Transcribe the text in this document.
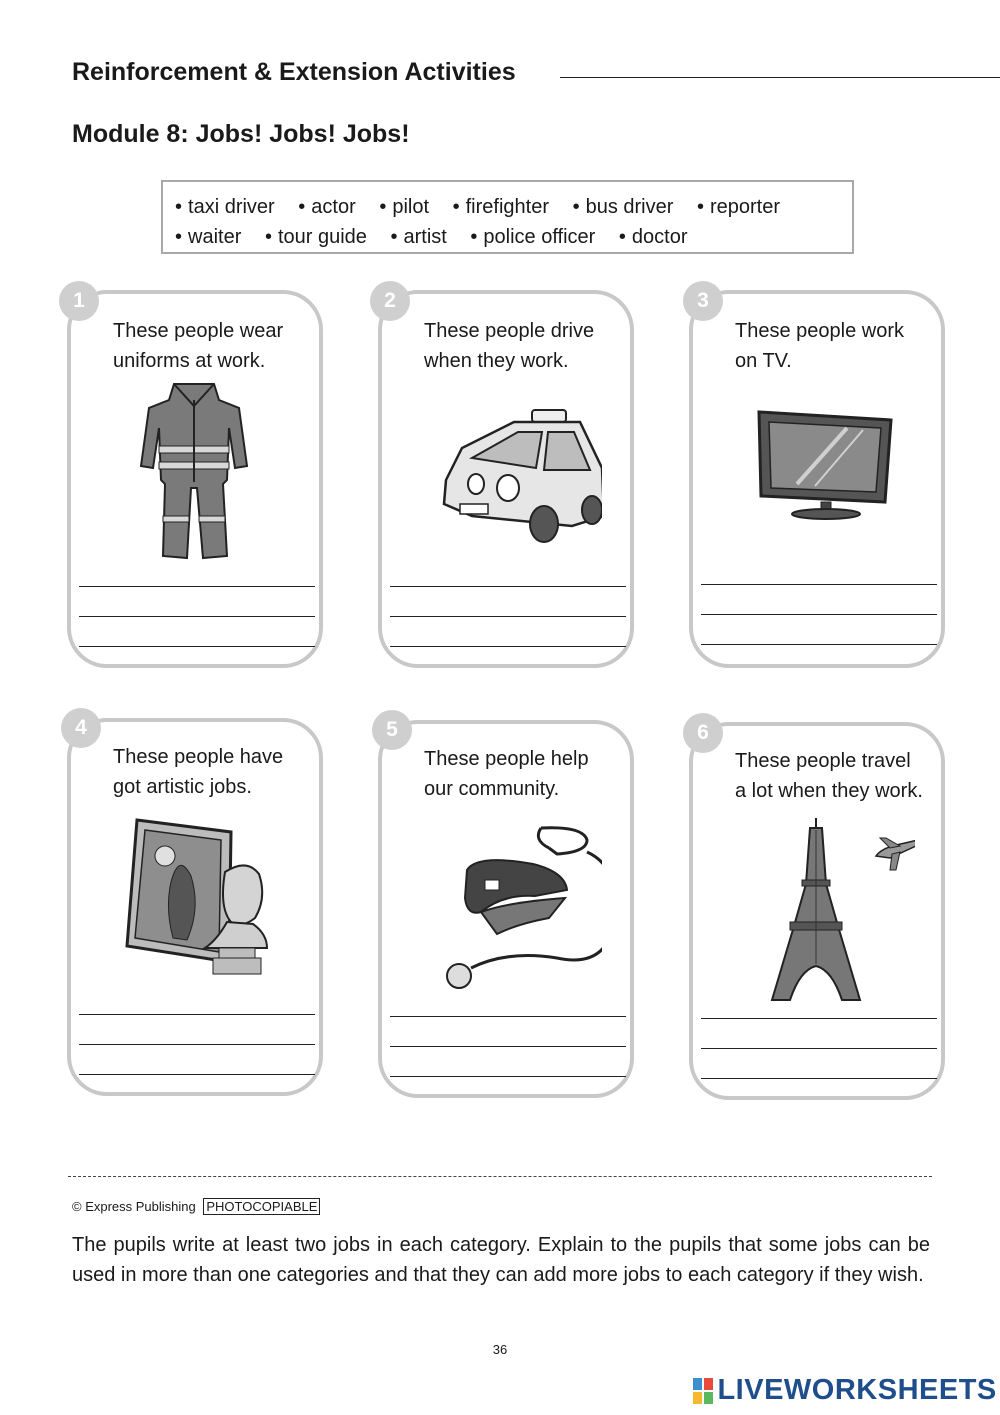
Reinforcement & Extension Activities
Module 8: Jobs! Jobs! Jobs!
• taxi driver • actor • pilot • firefighter • bus driver • reporter
• waiter • tour guide • artist • police officer • doctor
These people wear
uniforms at work.
1
These people drive
when they work.
2
These people work
on TV.
3
These people have
got artistic jobs.
4
These people help
our community.
5
These people travel
a lot when they work.
6
© Express Publishing PHOTOCOPIABLE
The pupils write at least two jobs in each category. Explain to the pupils that some jobs can be used in more than one categories and that they can add more jobs to each category if they wish.
36
LIVEWORKSHEETS
